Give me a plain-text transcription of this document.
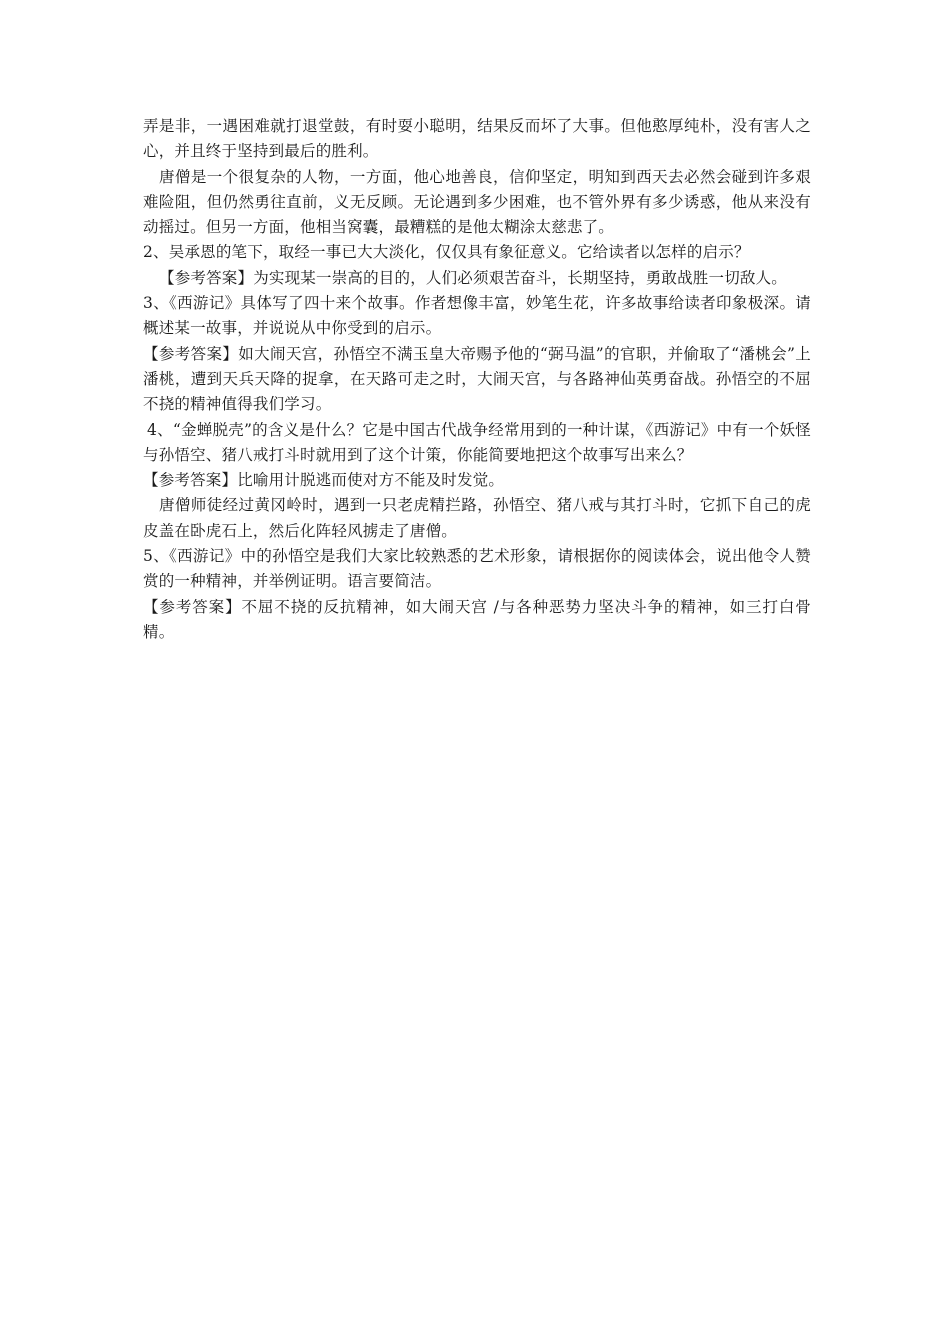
弄是非，一遇困难就打退堂鼓，有时耍小聪明，结果反而坏了大事。但他憨厚纯朴，没有害人之心，并且终于坚持到最后的胜利。

唐僧是一个很复杂的人物，一方面，他心地善良，信仰坚定，明知到西天去必然会碰到许多艰难险阻，但仍然勇往直前，义无反顾。无论遇到多少困难，也不管外界有多少诱惑，他从来没有动摇过。但另一方面，他相当窝囊，最糟糕的是他太糊涂太慈悲了。

2、吴承恩的笔下，取经一事已大大淡化，仅仅具有象征意义。它给读者以怎样的启示？

【参考答案】为实现某一崇高的目的，人们必须艰苦奋斗，长期坚持，勇敢战胜一切敌人。

3、《西游记》具体写了四十来个故事。作者想像丰富，妙笔生花，许多故事给读者印象极深。请概述某一故事，并说说从中你受到的启示。

【参考答案】如大闹天宫，孙悟空不满玉皇大帝赐予他的“弼马温”的官职，并偷取了“潘桃会”上潘桃，遭到天兵天降的捉拿，在天路可走之时，大闹天宫，与各路神仙英勇奋战。孙悟空的不屈不挠的精神值得我们学习。

4、“金蝉脱壳”的含义是什么？它是中国古代战争经常用到的一种计谋，《西游记》中有一个妖怪与孙悟空、猪八戒打斗时就用到了这个计策，你能简要地把这个故事写出来么？

【参考答案】比喻用计脱逃而使对方不能及时发觉。

唐僧师徒经过黄冈岭时，遇到一只老虎精拦路，孙悟空、猪八戒与其打斗时，它抓下自己的虎皮盖在卧虎石上，然后化阵轻风掳走了唐僧。

5、《西游记》中的孙悟空是我们大家比较熟悉的艺术形象，请根据你的阅读体会，说出他令人赞赏的一种精神，并举例证明。语言要简洁。

【参考答案】不屈不挠的反抗精神，如大闹天宫 /与各种恶势力坚决斗争的精神，如三打白骨精。
